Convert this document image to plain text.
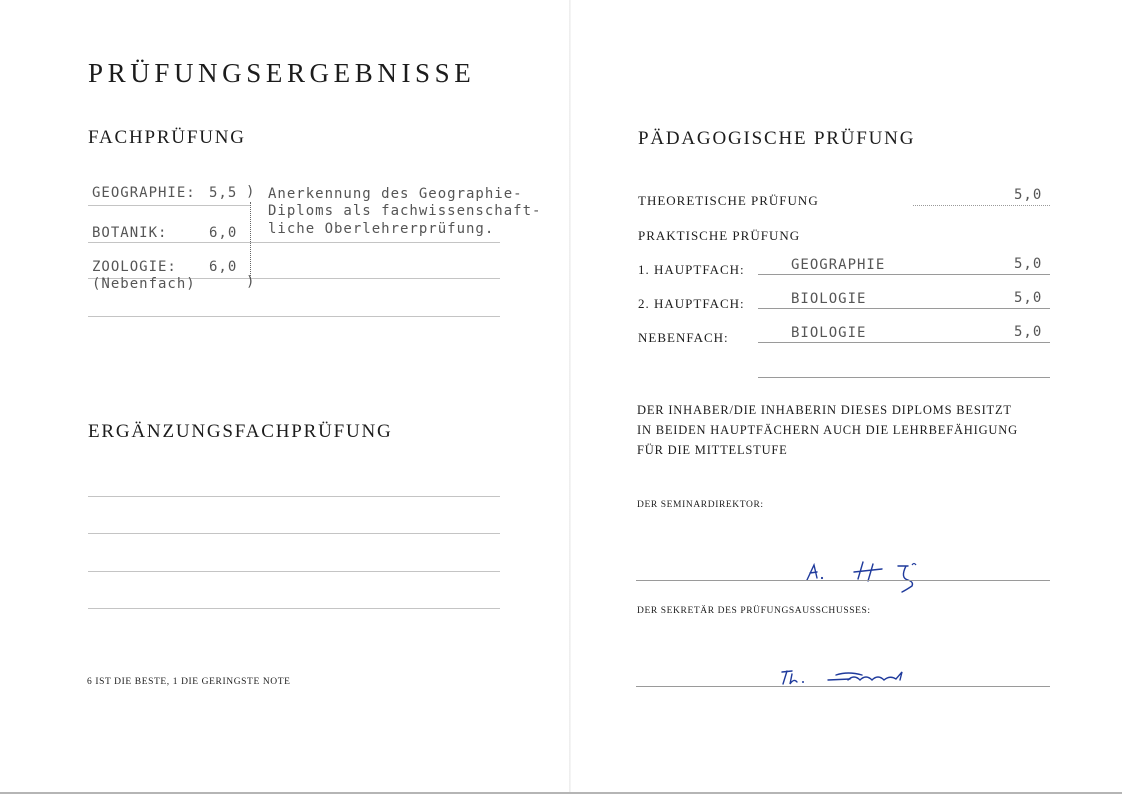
PRÜFUNGSERGEBNISSE
FACHPRÜFUNG
GEOGRAPHIE: 5,5
BOTANIK:	6,0
ZOOLOGIE: 6,0
(Nebenfach)
)
)
Anerkennung des Geographie-
Diploms als fachwissenschaft-
liche Oberlehrerprüfung.
ERGÄNZUNGSFACHPRÜFUNG
6 IST DIE BESTE, 1 DIE GERINGSTE NOTE
PÄDAGOGISCHE PRÜFUNG
THEORETISCHE PRÜFUNG	5,0
PRAKTISCHE PRÜFUNG
1. HAUPTFACH:	GEOGRAPHIE	5,0
2. HAUPTFACH:	BIOLOGIE	5,0
NEBENFACH:	BIOLOGIE	5,0
DER INHABER/DIE INHABERIN DIESES DIPLOMS BESITZT
IN BEIDEN HAUPTFÄCHERN AUCH DIE LEHRBEFÄHIGUNG
FÜR DIE MITTELSTUFE
DER SEMINARDIREKTOR:
DER SEKRETÄR DES PRÜFUNGSAUSSCHUSSES:
